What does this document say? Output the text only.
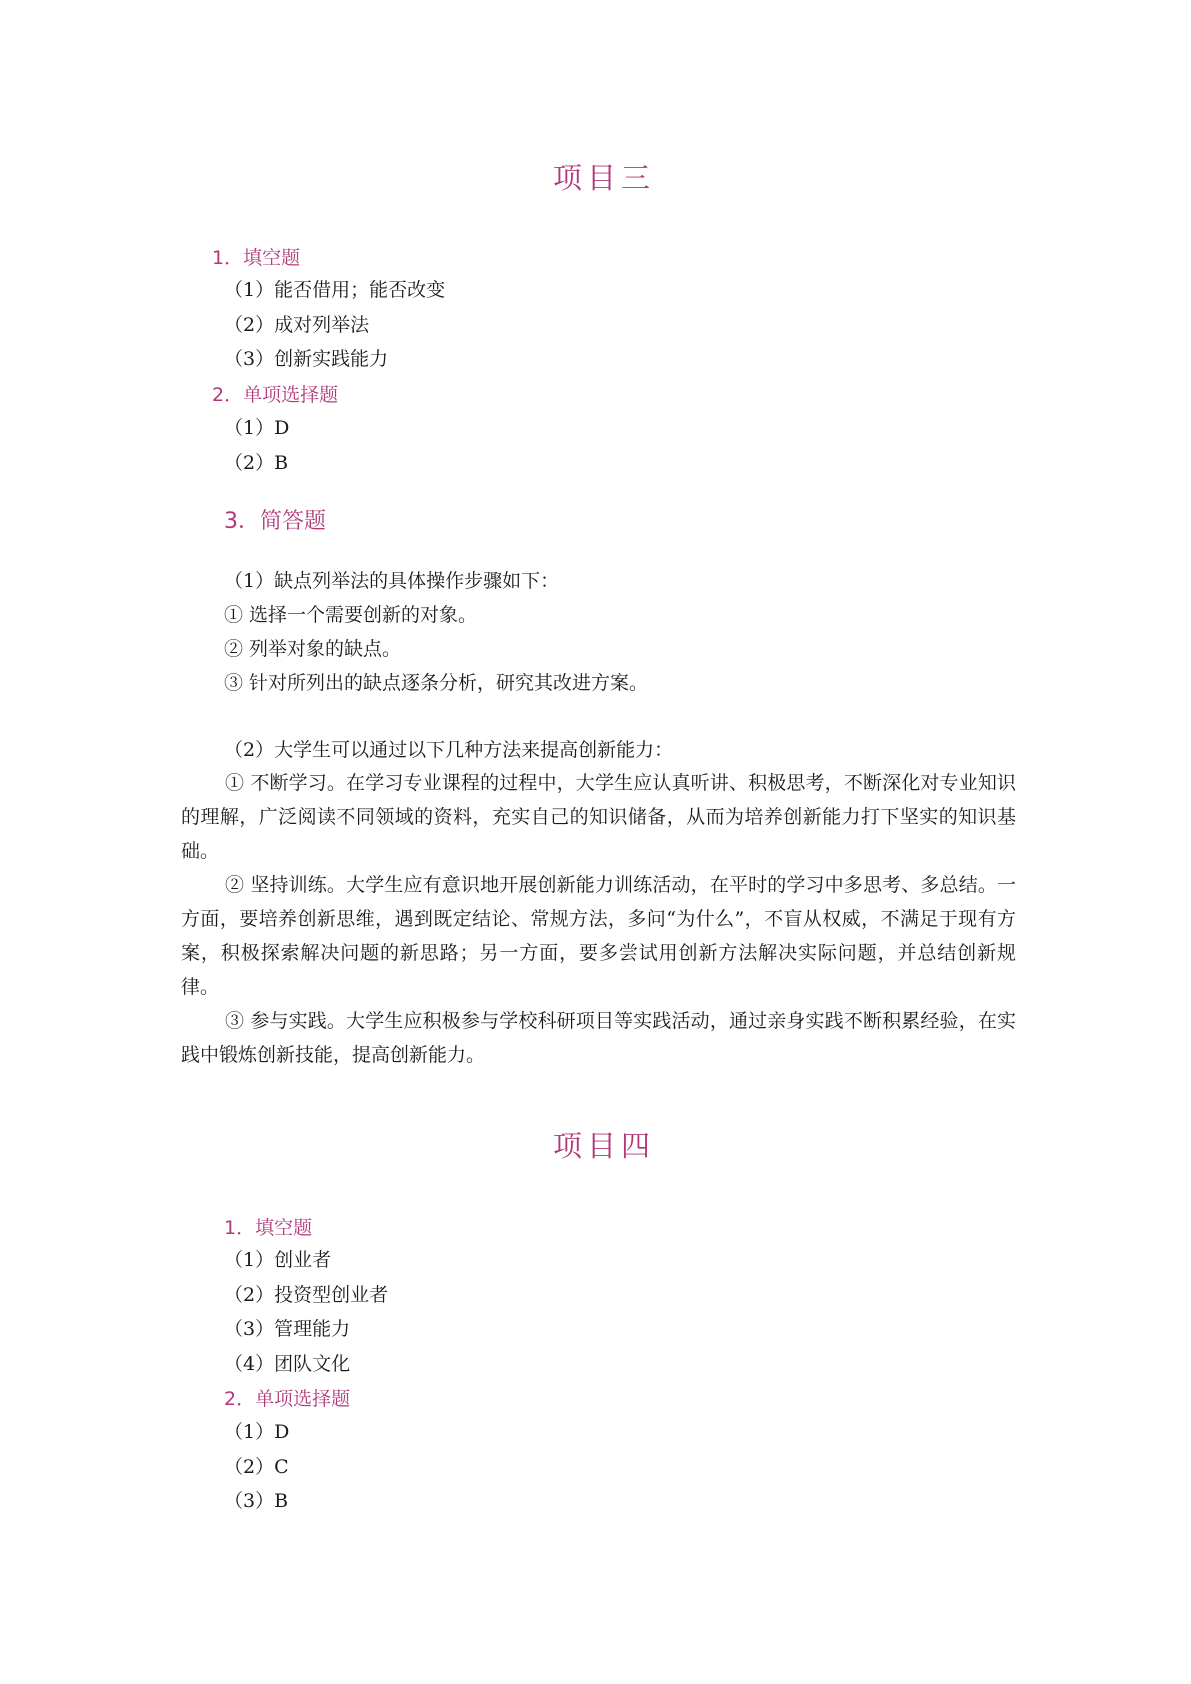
项目三
1．填空题
（1）能否借用；能否改变
（2）成对列举法
（3）创新实践能力
2．单项选择题
（1）D
（2）B
3．简答题
（1）缺点列举法的具体操作步骤如下：
① 选择一个需要创新的对象。
② 列举对象的缺点。
③ 针对所列出的缺点逐条分析，研究其改进方案。
（2）大学生可以通过以下几种方法来提高创新能力：
① 不断学习。在学习专业课程的过程中，大学生应认真听讲、积极思考，不断深化对专业知识的理解，广泛阅读不同领域的资料，充实自己的知识储备，从而为培养创新能力打下坚实的知识基础。
② 坚持训练。大学生应有意识地开展创新能力训练活动，在平时的学习中多思考、多总结。一方面，要培养创新思维，遇到既定结论、常规方法，多问“为什么”，不盲从权威，不满足于现有方案，积极探索解决问题的新思路；另一方面，要多尝试用创新方法解决实际问题，并总结创新规律。
③ 参与实践。大学生应积极参与学校科研项目等实践活动，通过亲身实践不断积累经验，在实践中锻炼创新技能，提高创新能力。
项目四
1．填空题
（1）创业者
（2）投资型创业者
（3）管理能力
（4）团队文化
2．单项选择题
（1）D
（2）C
（3）B
